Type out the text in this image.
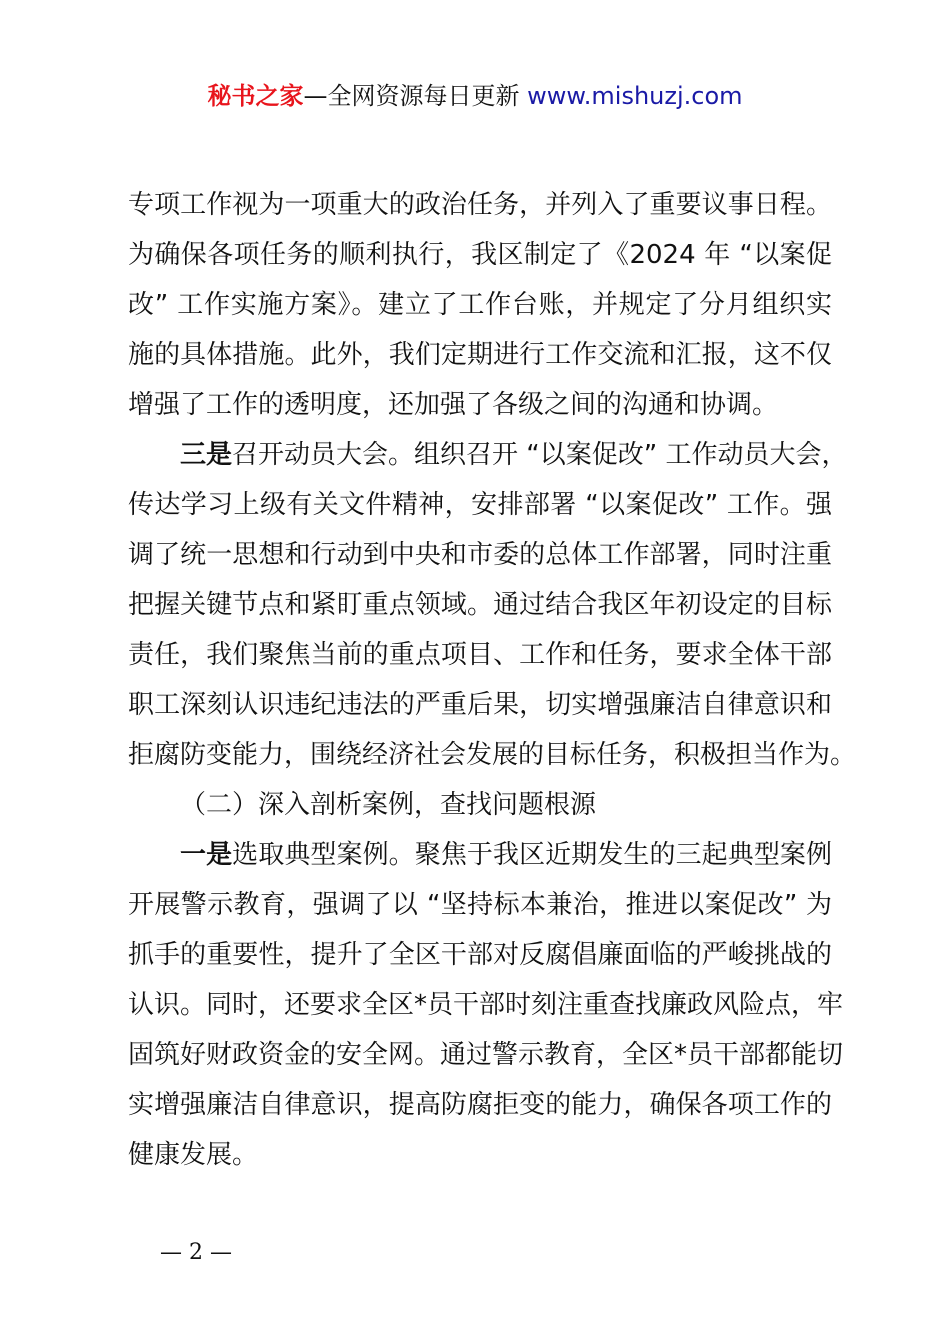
秘书之家—全网资源每日更新 www.mishuzj.com
专项工作视为一项重大的政治任务，并列入了重要议事日程。
为确保各项任务的顺利执行，我区制定了《2024 年 “以案促
改” 工作实施方案》。建立了工作台账，并规定了分月组织实
施的具体措施。此外，我们定期进行工作交流和汇报，这不仅
增强了工作的透明度，还加强了各级之间的沟通和协调。
三是召开动员大会。组织召开 “以案促改” 工作动员大会，
传达学习上级有关文件精神，安排部署 “以案促改” 工作。强
调了统一思想和行动到中央和市委的总体工作部署，同时注重
把握关键节点和紧盯重点领域。通过结合我区年初设定的目标
责任，我们聚焦当前的重点项目、工作和任务，要求全体干部
职工深刻认识违纪违法的严重后果，切实增强廉洁自律意识和
拒腐防变能力，围绕经济社会发展的目标任务，积极担当作为。
（二）深入剖析案例，查找问题根源
一是选取典型案例。聚焦于我区近期发生的三起典型案例
开展警示教育，强调了以 “坚持标本兼治，推进以案促改” 为
抓手的重要性，提升了全区干部对反腐倡廉面临的严峻挑战的
认识。同时，还要求全区*员干部时刻注重查找廉政风险点，牢
固筑好财政资金的安全网。通过警示教育，全区*员干部都能切
实增强廉洁自律意识，提高防腐拒变的能力，确保各项工作的
健康发展。
— 2 —
